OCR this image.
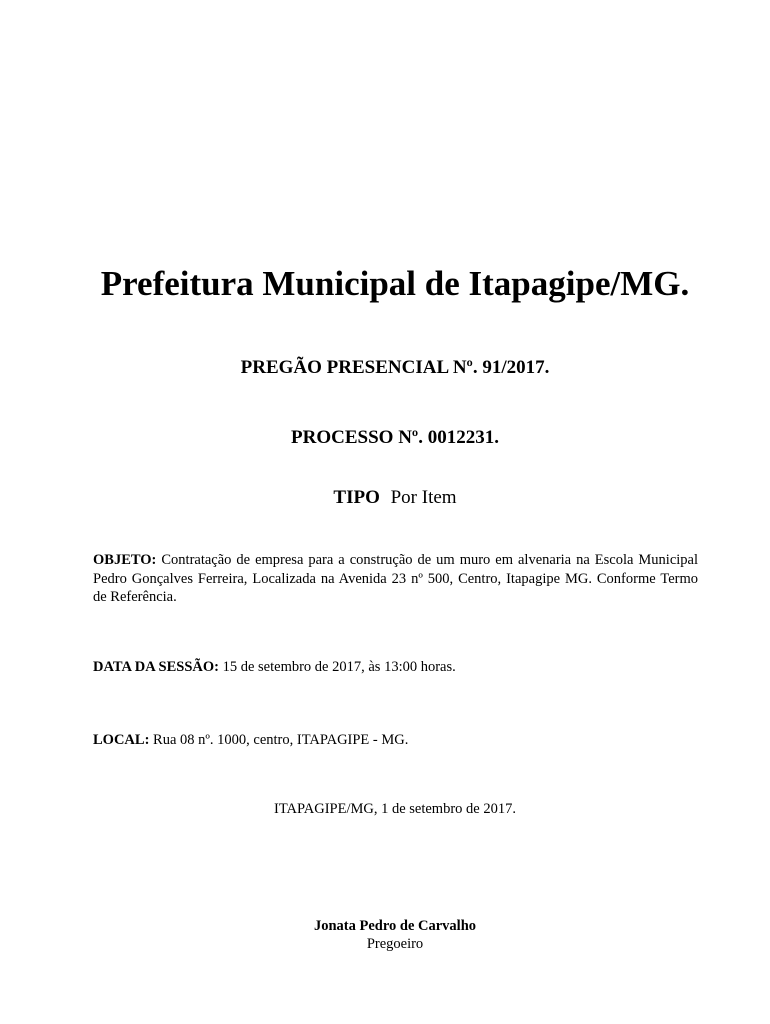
Prefeitura Municipal de Itapagipe/MG.
PREGÃO PRESENCIAL Nº. 91/2017.
PROCESSO Nº. 0012231.
TIPO Por Item
OBJETO: Contratação de empresa para a construção de um muro em alvenaria na Escola Municipal Pedro Gonçalves Ferreira, Localizada na Avenida 23 nº 500, Centro, Itapagipe MG. Conforme Termo de Referência.
DATA DA SESSÃO: 15 de setembro de 2017, às 13:00 horas.
LOCAL: Rua 08 nº. 1000, centro, ITAPAGIPE - MG.
ITAPAGIPE/MG, 1 de setembro de 2017.
Jonata Pedro de Carvalho
Pregoeiro
